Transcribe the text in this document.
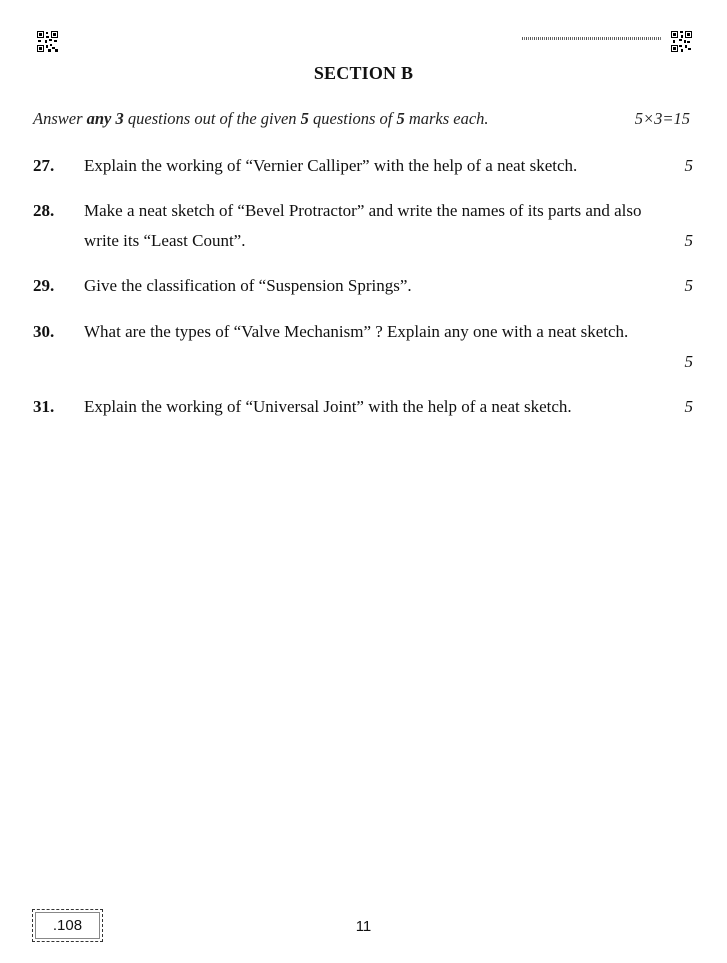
SECTION B
Answer any 3 questions out of the given 5 questions of 5 marks each.	5×3=15
27. Explain the working of “Vernier Calliper” with the help of a neat sketch.	5
28. Make a neat sketch of “Bevel Protractor” and write the names of its parts and also write its “Least Count”.	5
29. Give the classification of “Suspension Springs”.	5
30. What are the types of “Valve Mechanism” ? Explain any one with a neat sketch.
5
31. Explain the working of “Universal Joint” with the help of a neat sketch.	5
.108	11
